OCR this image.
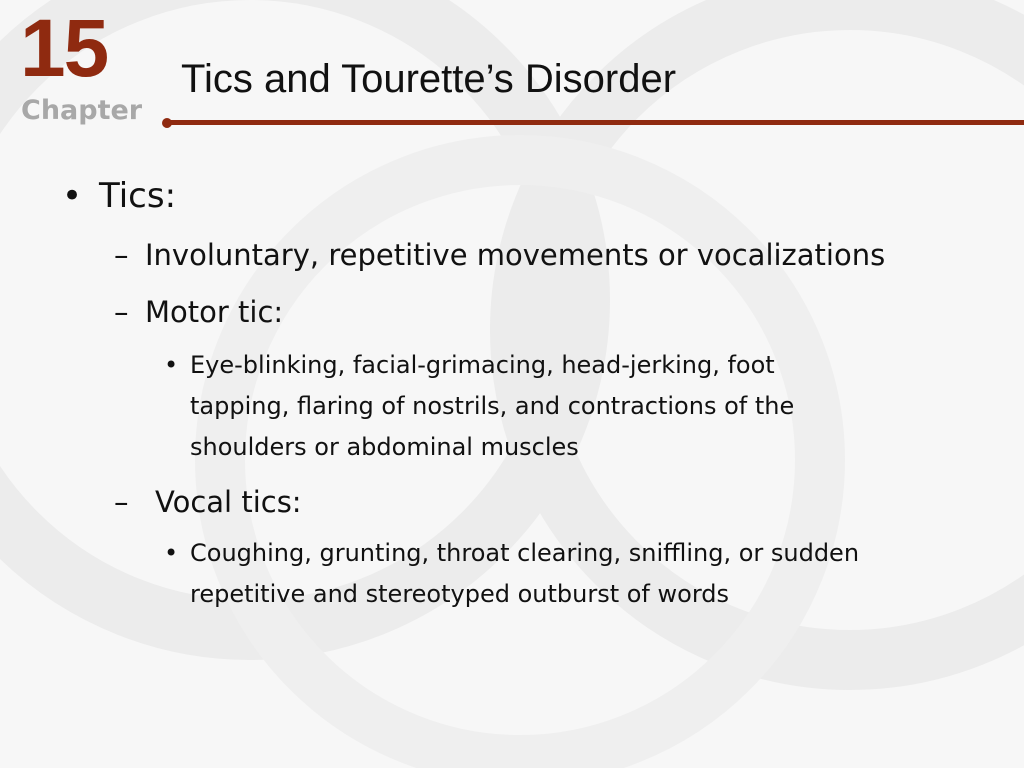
15
Chapter
Tics and Tourette’s Disorder
• Tics:
– Involuntary, repetitive movements or vocalizations
– Motor tic:
• Eye-blinking, facial-grimacing, head-jerking, foot
tapping, flaring of nostrils, and contractions of the
shoulders or abdominal muscles
– Vocal tics:
• Coughing, grunting, throat clearing, sniffling, or sudden
repetitive and stereotyped outburst of words
